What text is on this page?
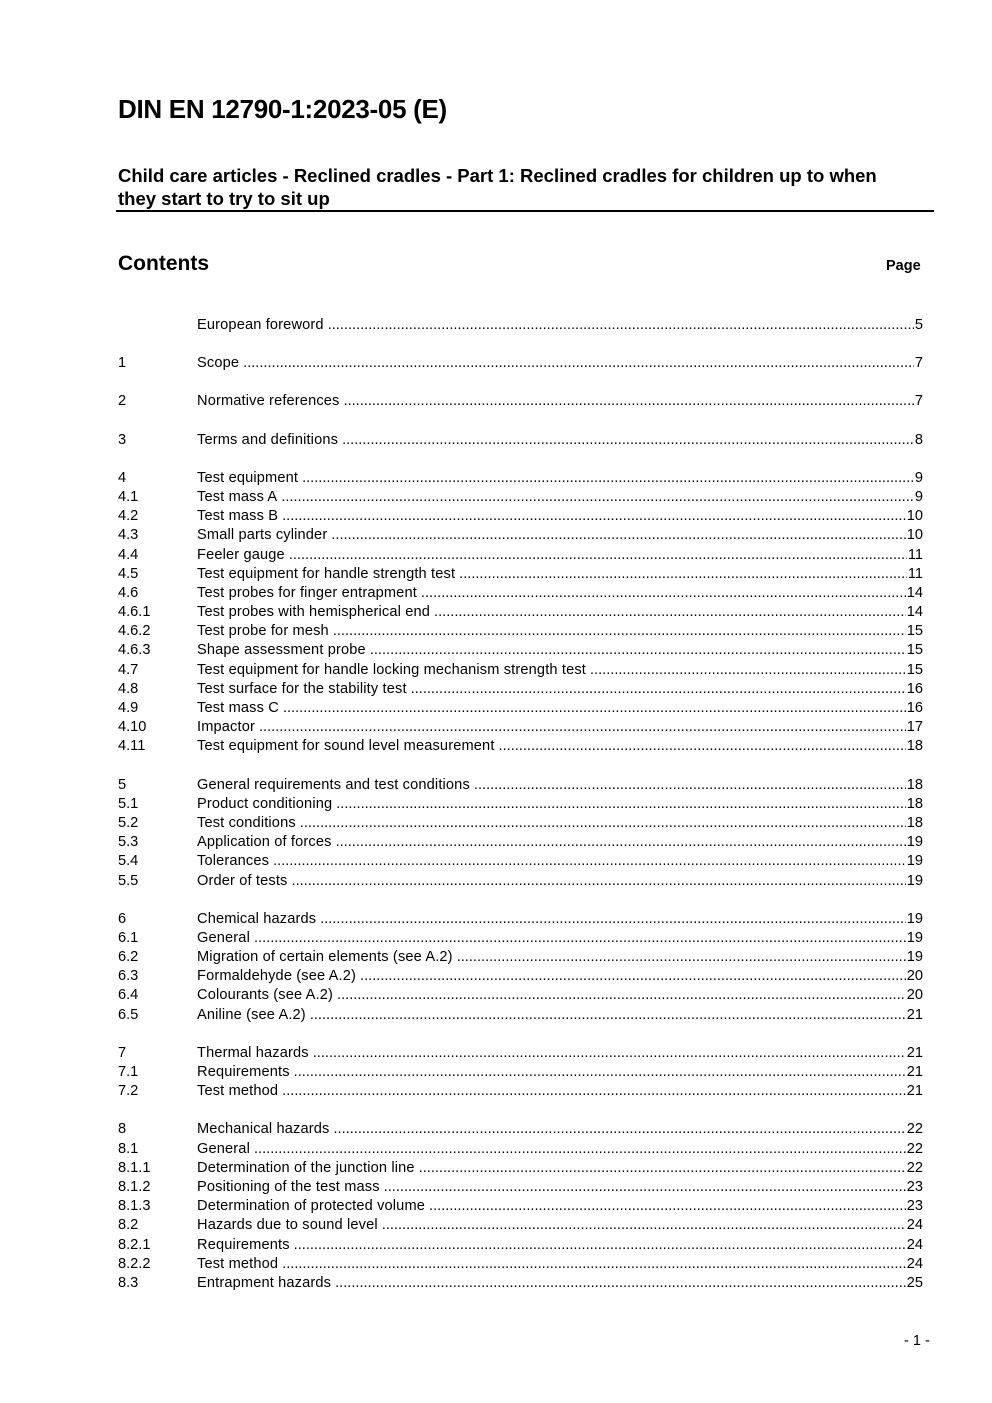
DIN EN 12790-1:2023-05 (E)
Child care articles - Reclined cradles - Part 1: Reclined cradles for children up to when they start to try to sit up
Contents	Page
European foreword .....	5
1	Scope .....	7
2	Normative references .....	7
3	Terms and definitions .....	8
4	Test equipment .....	9
4.1	Test mass A .....	9
4.2	Test mass B .....	10
4.3	Small parts cylinder .....	10
4.4	Feeler gauge .....	11
4.5	Test equipment for handle strength test .....	11
4.6	Test probes for finger entrapment .....	14
4.6.1	Test probes with hemispherical end .....	14
4.6.2	Test probe for mesh .....	15
4.6.3	Shape assessment probe .....	15
4.7	Test equipment for handle locking mechanism strength test .....	15
4.8	Test surface for the stability test .....	16
4.9	Test mass C .....	16
4.10	Impactor .....	17
4.11	Test equipment for sound level measurement .....	18
5	General requirements and test conditions .....	18
5.1	Product conditioning .....	18
5.2	Test conditions .....	18
5.3	Application of forces .....	19
5.4	Tolerances .....	19
5.5	Order of tests .....	19
6	Chemical hazards .....	19
6.1	General .....	19
6.2	Migration of certain elements (see A.2) .....	19
6.3	Formaldehyde (see A.2) .....	20
6.4	Colourants (see A.2) .....	20
6.5	Aniline (see A.2) .....	21
7	Thermal hazards .....	21
7.1	Requirements .....	21
7.2	Test method .....	21
8	Mechanical hazards .....	22
8.1	General .....	22
8.1.1	Determination of the junction line .....	22
8.1.2	Positioning of the test mass .....	23
8.1.3	Determination of protected volume .....	23
8.2	Hazards due to sound level .....	24
8.2.1	Requirements .....	24
8.2.2	Test method .....	24
8.3	Entrapment hazards .....	25
- 1 -
